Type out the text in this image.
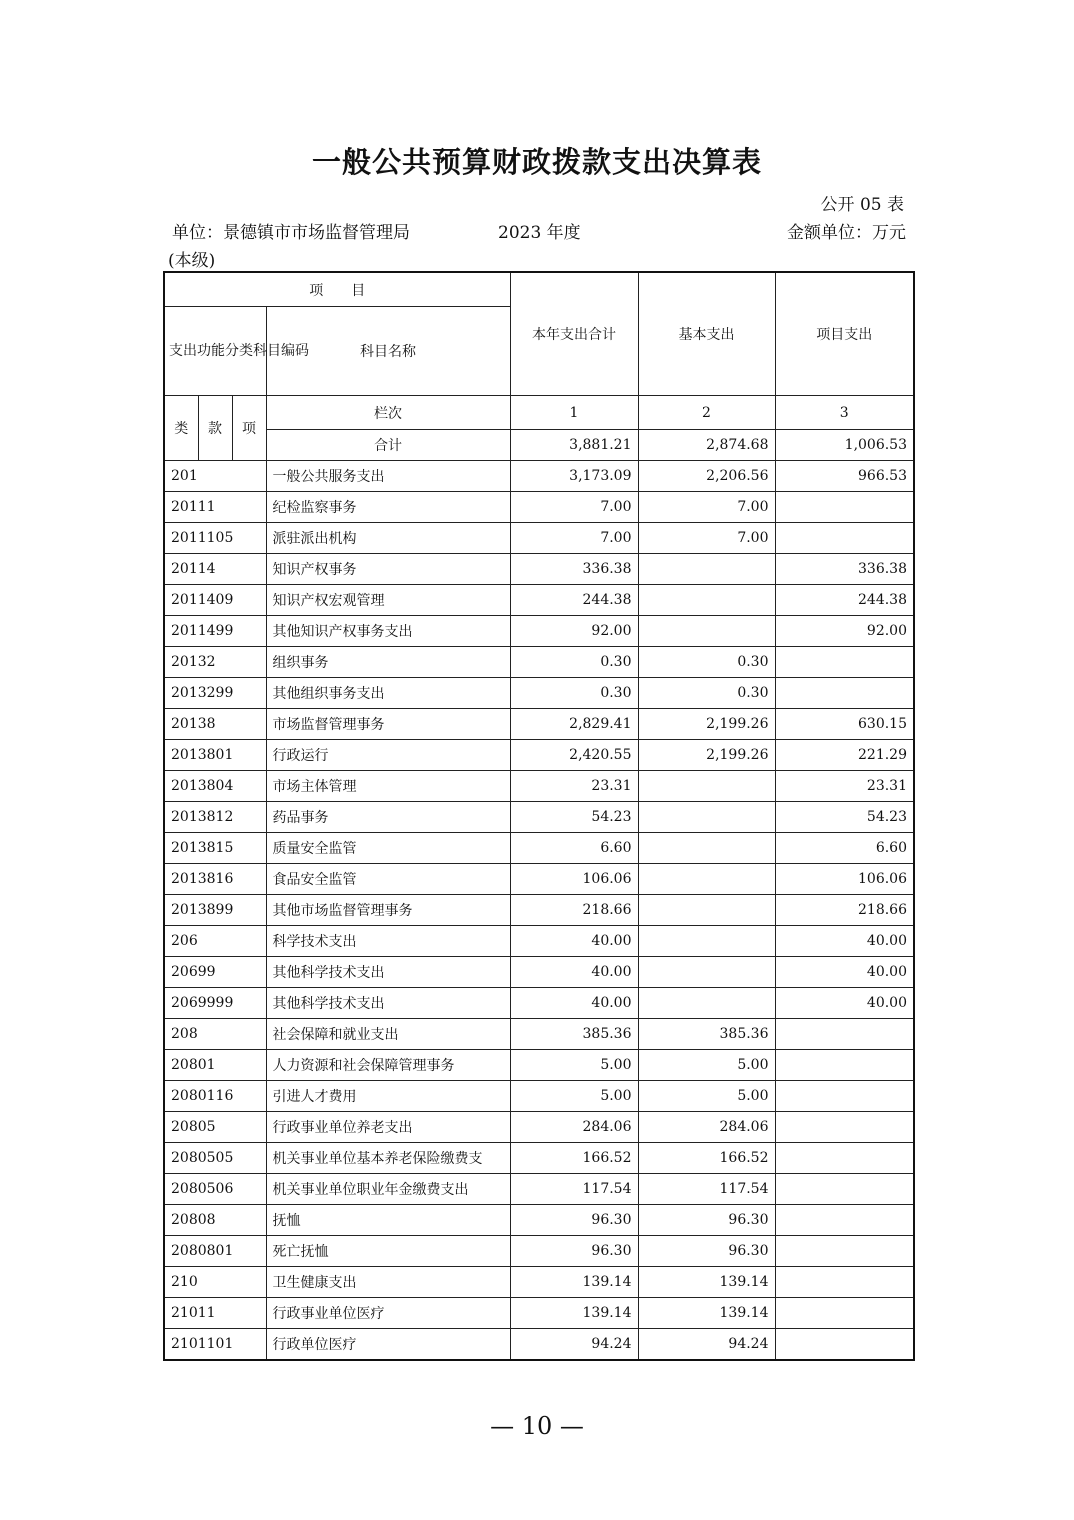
一般公共预算财政拨款支出决算表
公开 05 表
单位：景德镇市市场监督管理局	2023 年度	金额单位：万元
(本级)
项　　目				本年支出合计	基本支出	项目支出
支出功能分类科目编码			科目名称			
类	款	项	栏次	1	2	3
			合计	3,881.21	2,874.68	1,006.53
201			一般公共服务支出	3,173.09	2,206.56	966.53
20111			纪检监察事务	7.00	7.00	
2011105			派驻派出机构	7.00	7.00	
20114			知识产权事务	336.38		336.38
2011409			知识产权宏观管理	244.38		244.38
2011499			其他知识产权事务支出	92.00		92.00
20132			组织事务	0.30	0.30	
2013299			其他组织事务支出	0.30	0.30	
20138			市场监督管理事务	2,829.41	2,199.26	630.15
2013801			行政运行	2,420.55	2,199.26	221.29
2013804			市场主体管理	23.31		23.31
2013812			药品事务	54.23		54.23
2013815			质量安全监管	6.60		6.60
2013816			食品安全监管	106.06		106.06
2013899			其他市场监督管理事务	218.66		218.66
206			科学技术支出	40.00		40.00
20699			其他科学技术支出	40.00		40.00
2069999			其他科学技术支出	40.00		40.00
208			社会保障和就业支出	385.36	385.36	
20801			人力资源和社会保障管理事务	5.00	5.00	
2080116			引进人才费用	5.00	5.00	
20805			行政事业单位养老支出	284.06	284.06	
2080505			机关事业单位基本养老保险缴费支	166.52	166.52	
2080506			机关事业单位职业年金缴费支出	117.54	117.54	
20808			抚恤	96.30	96.30	
2080801			死亡抚恤	96.30	96.30	
210			卫生健康支出	139.14	139.14	
21011			行政事业单位医疗	139.14	139.14	
2101101			行政单位医疗	94.24	94.24	
— 10 —
